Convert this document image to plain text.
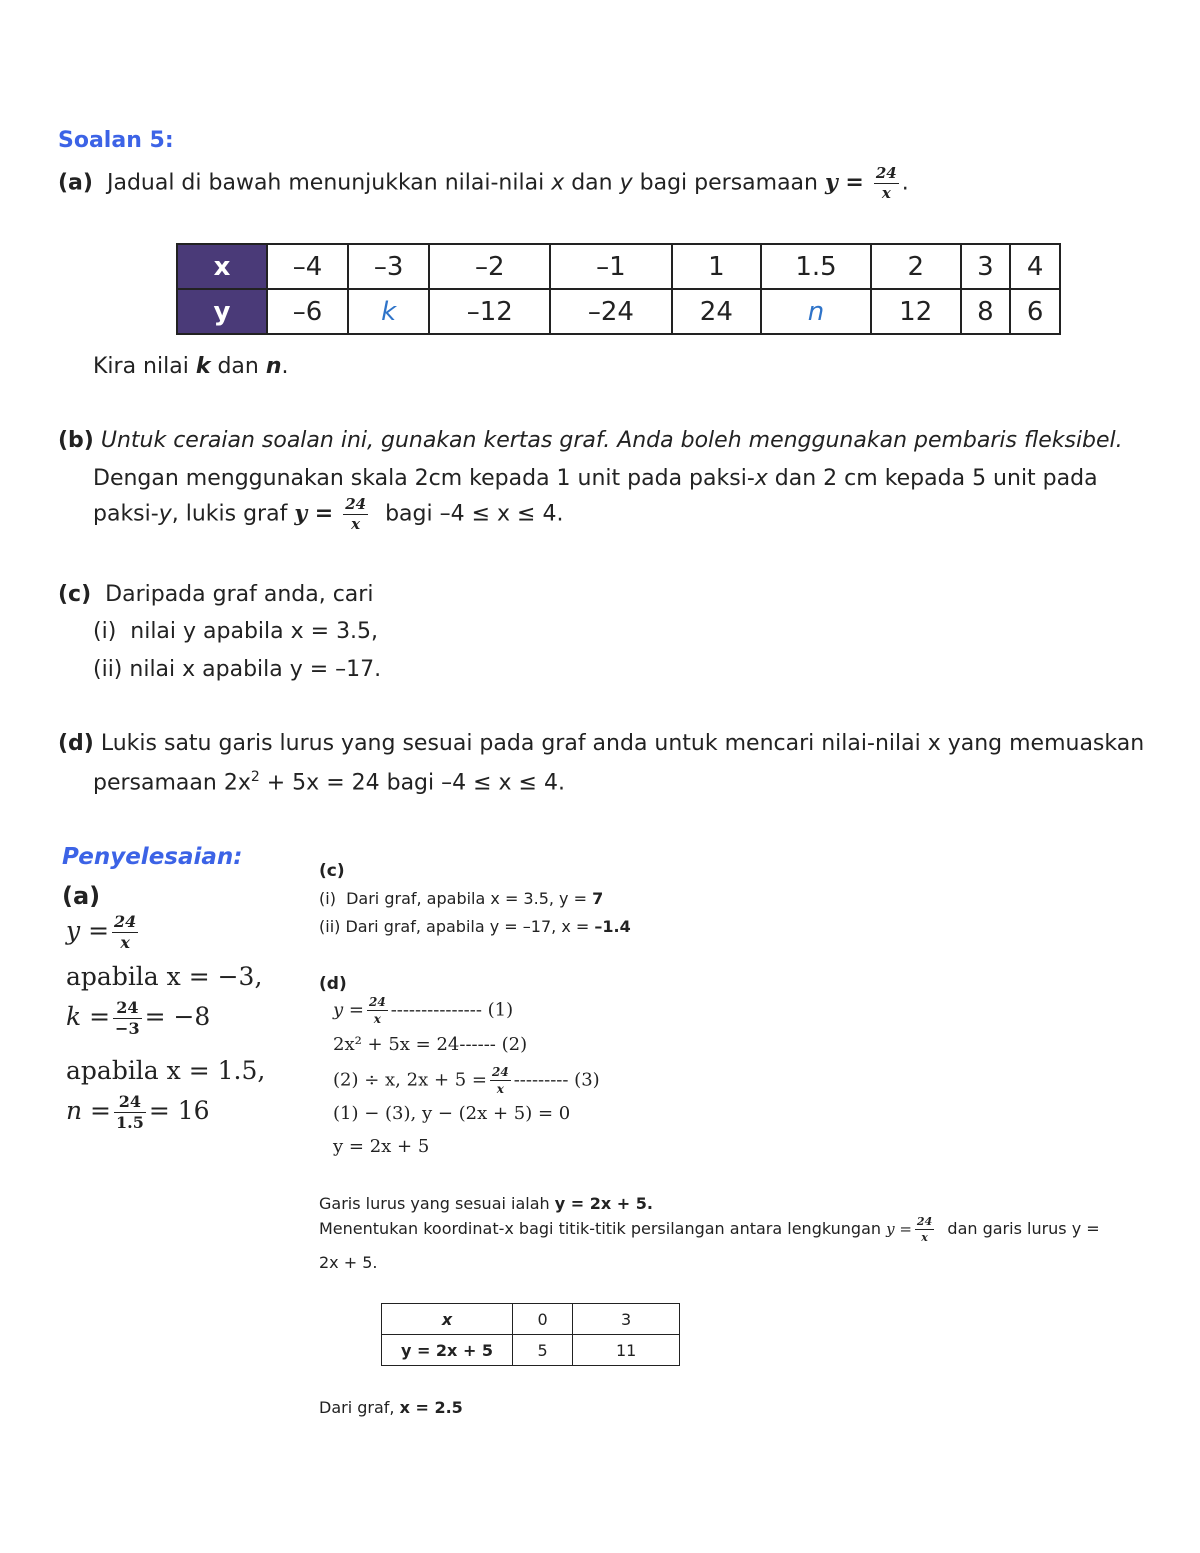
Soalan 5:
(a) Jadual di bawah menunjukkan nilai-nilai x dan y bagi persamaan $y = \frac{24}{x}$ .
x	–4	–3	–2	–1	1	1.5	2	3	4
y	–6	k	–12	–24	24	n	12	8	6
Kira nilai k dan n.
(b) Untuk ceraian soalan ini, gunakan kertas graf. Anda boleh menggunakan pembaris fleksibel.
Dengan menggunakan skala 2cm kepada 1 unit pada paksi-x dan 2 cm kepada 5 unit pada
paksi-y, lukis graf $y = \frac{24}{x}$ bagi –4 ≤ x ≤ 4.
(c) Daripada graf anda, cari
(i)  nilai y apabila x = 3.5,
(ii) nilai x apabila y = –17.
(d) Lukis satu garis lurus yang sesuai pada graf anda untuk mencari nilai-nilai x yang memuaskan
persamaan $2x^2 + 5x = 24$ bagi –4 ≤ x ≤ 4.
Penyelesaian:
(a)
$y = \frac{24}{x}$
apabila x = −3,
$k = \frac{24}{-3} = -8$
apabila x = 1.5,
$n = \frac{24}{1.5} = 16$
(c)
(i)  Dari graf, apabila x = 3.5, y = 7
(ii) Dari graf, apabila y = –17, x = –1.4
(d)
$y = \frac{24}{x}$ --------------- (1)
2x² + 5x = 24------ (2)
(2) ÷ x, $2x + 5 = \frac{24}{x}$ --------- (3)
(1) − (3), y − (2x + 5) = 0
y = 2x + 5
Garis lurus yang sesuai ialah y = 2x + 5.
Menentukan koordinat-x bagi titik-titik persilangan antara lengkungan $y = \frac{24}{x}$ dan garis lurus y =
2x + 5.
x	0	3
y = 2x + 5	5	11
Dari graf, x = 2.5
